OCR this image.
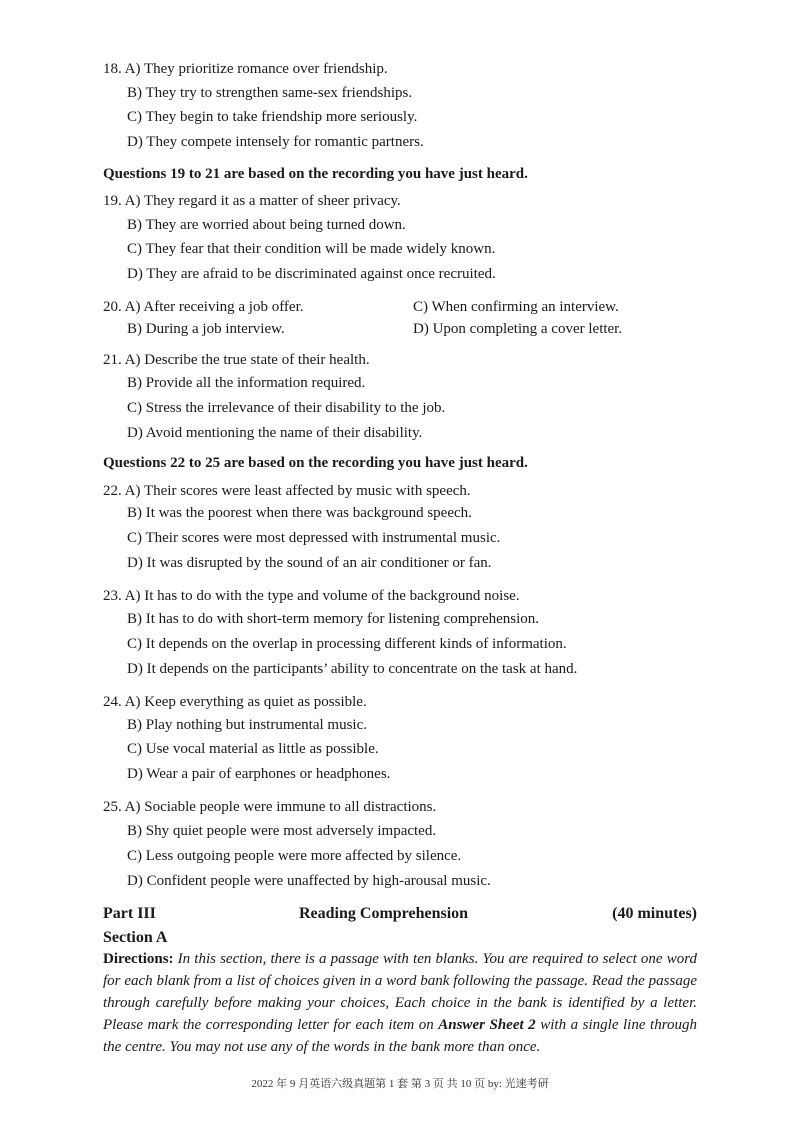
18. A) They prioritize romance over friendship.
B) They try to strengthen same-sex friendships.
C) They begin to take friendship more seriously.
D) They compete intensely for romantic partners.
Questions 19 to 21 are based on the recording you have just heard.
19. A) They regard it as a matter of sheer privacy.
B) They are worried about being turned down.
C) They fear that their condition will be made widely known.
D) They are afraid to be discriminated against once recruited.
20. A) After receiving a job offer.	C) When confirming an interview.
B) During a job interview.	D) Upon completing a cover letter.
21. A) Describe the true state of their health.
B) Provide all the information required.
C) Stress the irrelevance of their disability to the job.
D) Avoid mentioning the name of their disability.
Questions 22 to 25 are based on the recording you have just heard.
22. A) Their scores were least affected by music with speech.
B) It was the poorest when there was background speech.
C) Their scores were most depressed with instrumental music.
D) It was disrupted by the sound of an air conditioner or fan.
23. A) It has to do with the type and volume of the background noise.
B) It has to do with short-term memory for listening comprehension.
C) It depends on the overlap in processing different kinds of information.
D) It depends on the participants’ ability to concentrate on the task at hand.
24. A) Keep everything as quiet as possible.
B) Play nothing but instrumental music.
C) Use vocal material as little as possible.
D) Wear a pair of earphones or headphones.
25. A) Sociable people were immune to all distractions.
B) Shy quiet people were most adversely impacted.
C) Less outgoing people were more affected by silence.
D) Confident people were unaffected by high-arousal music.
Part III	Reading Comprehension	(40 minutes)
Section A
Directions: In this section, there is a passage with ten blanks. You are required to select one word for each blank from a list of choices given in a word bank following the passage. Read the passage through carefully before making your choices, Each choice in the bank is identified by a letter. Please mark the corresponding letter for each item on Answer Sheet 2 with a single line through the centre. You may not use any of the words in the bank more than once.
2022 年 9 月英语六级真题第 1 套 第 3 页 共 10 页 by: 光速考研
